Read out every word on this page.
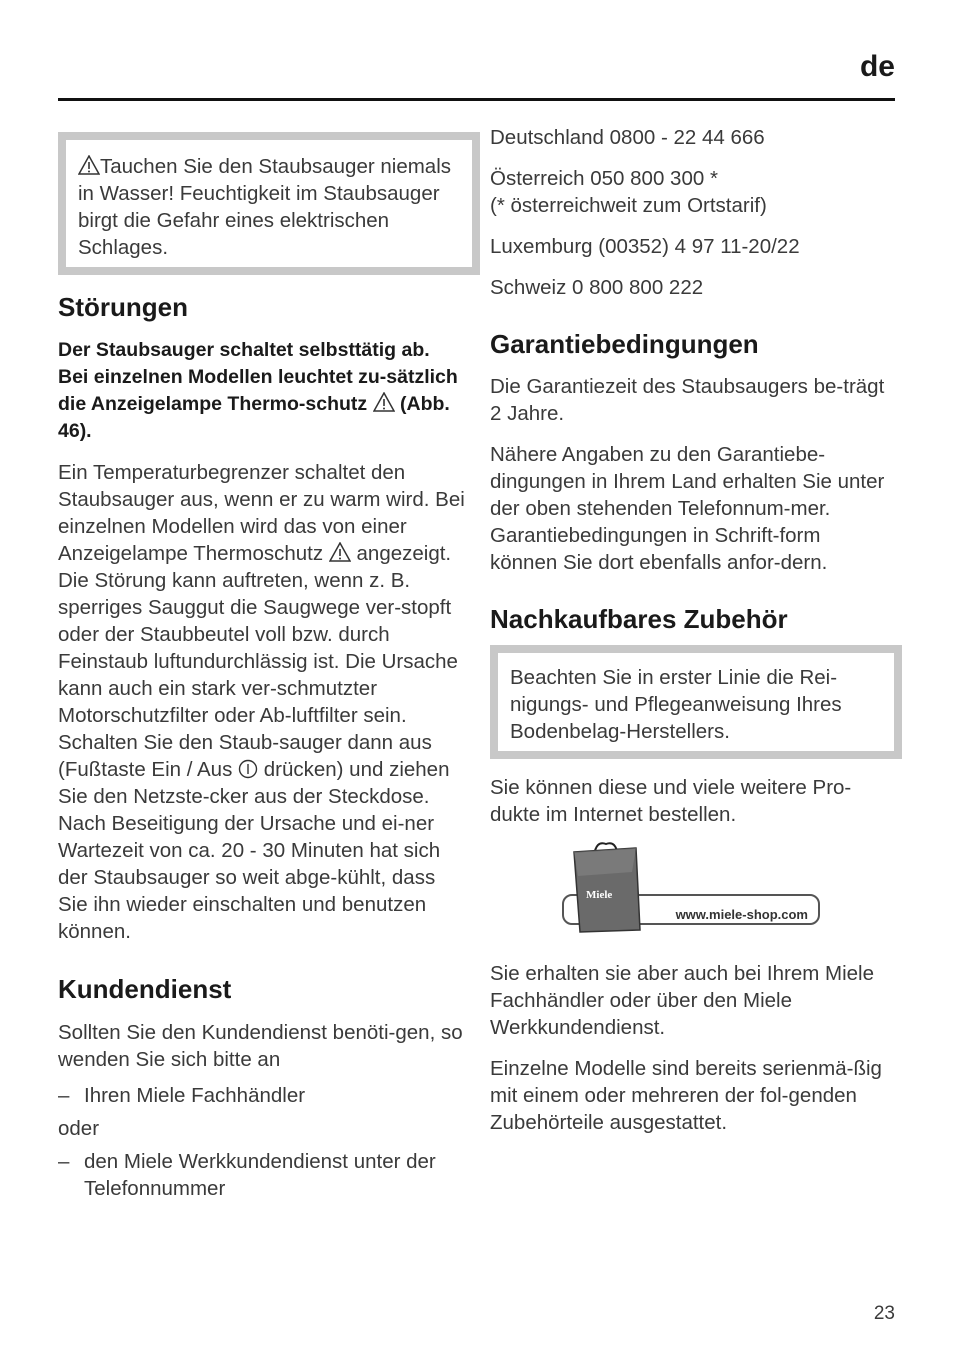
de

Tauchen Sie den Staubsauger niemals in Wasser! Feuchtigkeit im Staubsauger birgt die Gefahr eines elektrischen Schlages.

Störungen

Der Staubsauger schaltet selbsttätig ab.

Bei einzelnen Modellen leuchtet zu-sätzlich die Anzeigelampe Thermo-schutz  (Abb. 46).

Ein Temperaturbegrenzer schaltet den Staubsauger aus, wenn er zu warm wird. Bei einzelnen Modellen wird das von einer Anzeigelampe Thermoschutz  angezeigt.

Die Störung kann auftreten, wenn z. B. sperriges Sauggut die Saugwege ver-stopft oder der Staubbeutel voll bzw. durch Feinstaub luftundurchlässig ist. Die Ursache kann auch ein stark ver-schmutzter Motorschutzfilter oder Ab-luftfilter sein. Schalten Sie den Staub-sauger dann aus (Fußtaste Ein / Aus  drücken) und ziehen Sie den Netzste-cker aus der Steckdose.

Nach Beseitigung der Ursache und ei-ner Wartezeit von ca. 20 - 30 Minuten hat sich der Staubsauger so weit abge-kühlt, dass Sie ihn wieder einschalten und benutzen können.

Kundendienst

Sollten Sie den Kundendienst benöti-gen, so wenden Sie sich bitte an

– Ihren Miele Fachhändler

oder

– den Miele Werkkundendienst unter der Telefonnummer

Deutschland 0800 - 22 44 666

Österreich 050 800 300 *

(* österreichweit zum Ortstarif)

Luxemburg (00352) 4 97 11-20/22

Schweiz 0 800 800 222

Garantiebedingungen

Die Garantiezeit des Staubsaugers be-trägt 2 Jahre.

Nähere Angaben zu den Garantiebe-dingungen in Ihrem Land erhalten Sie unter der oben stehenden Telefonnum-mer. Garantiebedingungen in Schrift-form können Sie dort ebenfalls anfor-dern.

Nachkaufbares Zubehör

Beachten Sie in erster Linie die Rei-nigungs- und Pflegeanweisung Ihres Bodenbelag-Herstellers.

Sie können diese und viele weitere Pro-dukte im Internet bestellen.

www.miele-shop.com
Miele

Sie erhalten sie aber auch bei Ihrem Miele Fachhändler oder über den Miele Werkkundendienst.

Einzelne Modelle sind bereits serienmä-ßig mit einem oder mehreren der fol-genden Zubehörteile ausgestattet.

23
